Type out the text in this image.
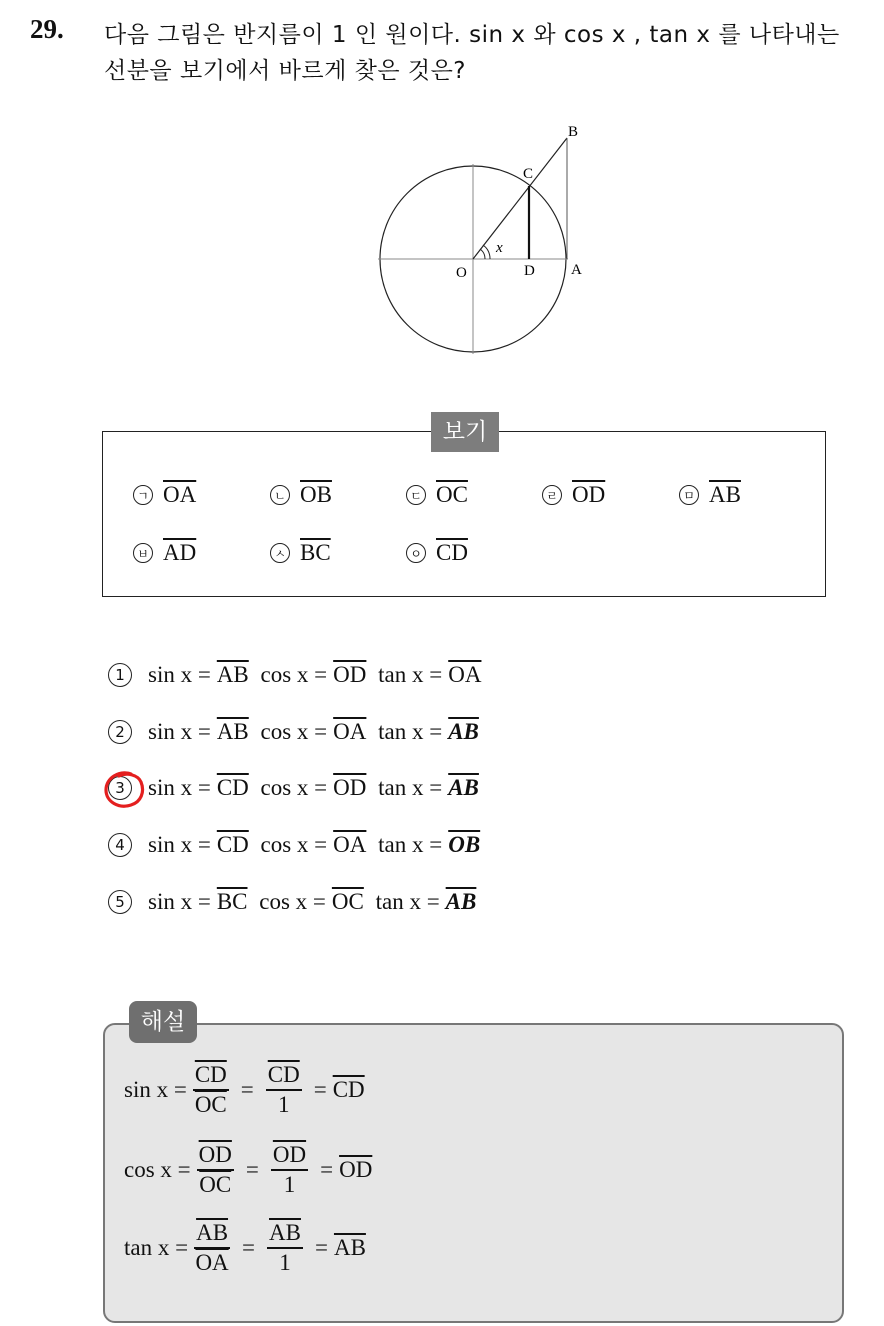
29. 다음 그림은 반지름이 1 인 원이다. sin x 와 cos x , tan x 를 나타내는
선분을 보기에서 바르게 찾은 것은?
O	A
B
C
D
x
보기
ㄱ $\overline{OA}$	ㄴ $\overline{OB}$	ㄷ $\overline{OC}$	ㄹ $\overline{OD}$	ㅁ $\overline{AB}$
ㅂ $\overline{AD}$	ㅅ $\overline{BC}$	ㅇ $\overline{CD}$
1	$\sin x = \overline{AB}$ $\cos x = \overline{OD}$ $\tan x = \overline{OA}$
2	$\sin x = \overline{AB}$ $\cos x = \overline{OA}$ $\tan x = \overline{AB}$
3	$\sin x = \overline{CD}$ $\cos x = \overline{OD}$ $\tan x = \overline{AB}$
4	$\sin x = \overline{CD}$ $\cos x = \overline{OA}$ $\tan x = \overline{OB}$
5	$\sin x = \overline{BC}$ $\cos x = \overline{OC}$ $\tan x = \overline{AB}$
해설
$\sin x = \frac{\overline{CD}}{OC} = \frac{\overline{CD}}{1} = \overline{CD}$
$\cos x = \frac{\overline{OD}}{OC} = \frac{\overline{OD}}{1} = \overline{OD}$
$\tan x = \frac{\overline{AB}}{OA} = \frac{\overline{AB}}{1} = \overline{AB}$
